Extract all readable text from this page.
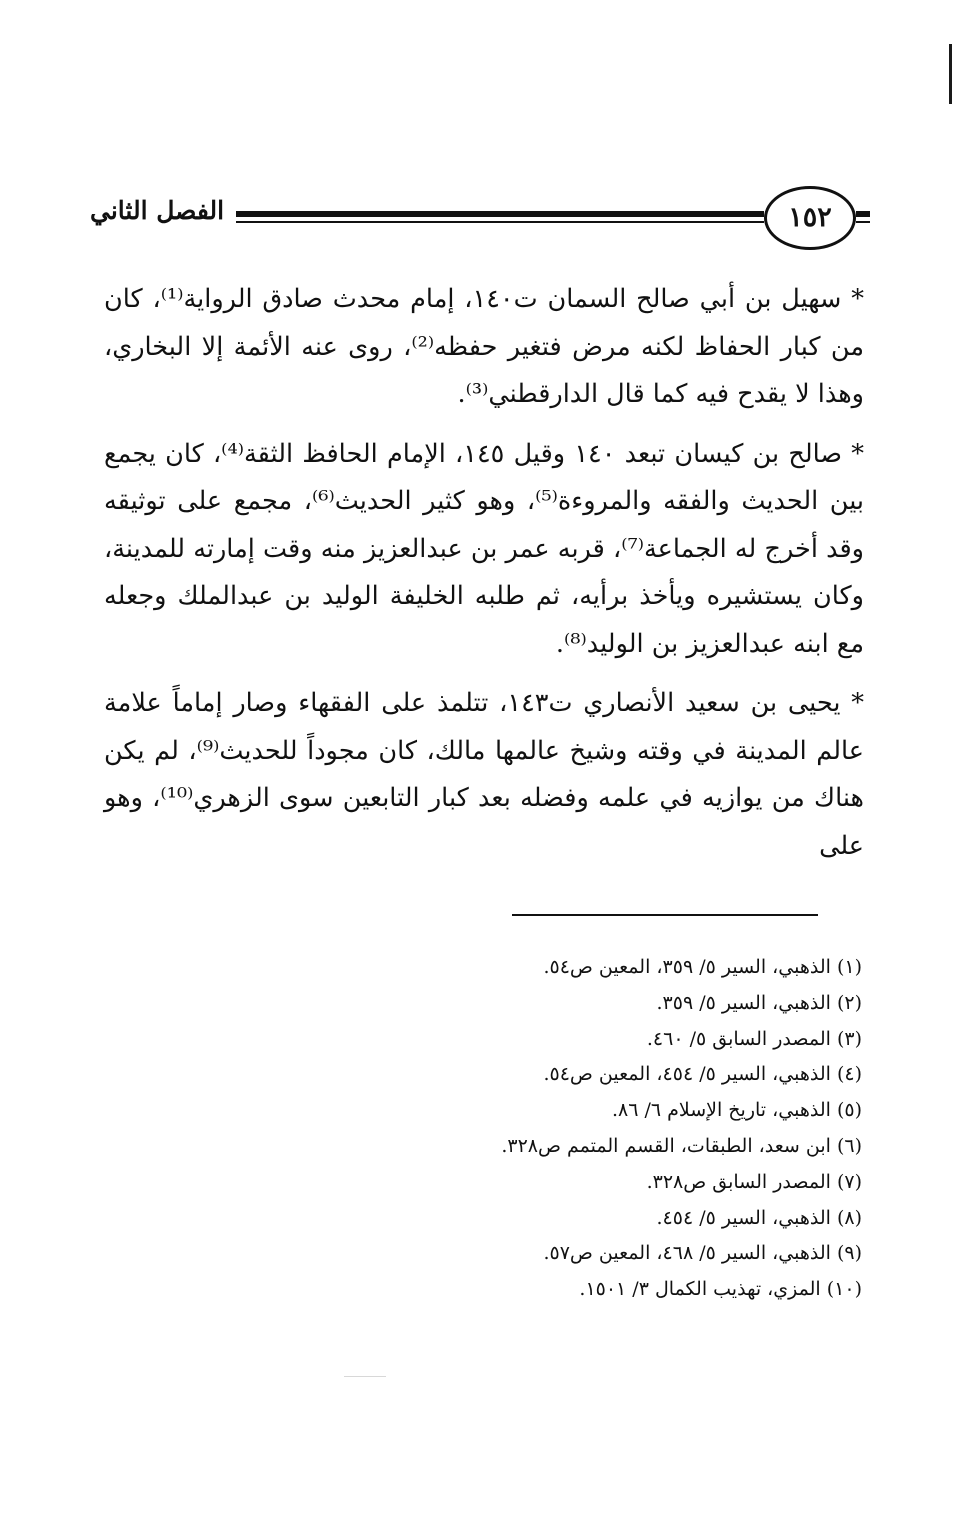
١٥٢
الفصل الثاني

* سهيل بن أبي صالح السمان ت١٤٠، إمام محدث صادق الرواية⁽¹⁾، كان من كبار الحفاظ لكنه مرض فتغير حفظه⁽²⁾، روى عنه الأئمة إلا البخاري، وهذا لا يقدح فيه كما قال الدارقطني⁽³⁾.

* صالح بن كيسان تبعد ١٤٠ وقيل ١٤٥، الإمام الحافظ الثقة⁽⁴⁾، كان يجمع بين الحديث والفقه والمروءة⁽⁵⁾، وهو كثير الحديث⁽⁶⁾، مجمع على توثيقه وقد أخرج له الجماعة⁽⁷⁾، قربه عمر بن عبدالعزيز منه وقت إمارته للمدينة، وكان يستشيره ويأخذ برأيه، ثم طلبه الخليفة الوليد بن عبدالملك وجعله مع ابنه عبدالعزيز بن الوليد⁽⁸⁾.

* يحيى بن سعيد الأنصاري ت١٤٣، تتلمذ على الفقهاء وصار إماماً علامة عالم المدينة في وقته وشيخ عالمها مالك، كان مجوداً للحديث⁽⁹⁾، لم يكن هناك من يوازيه في علمه وفضله بعد كبار التابعين سوى الزهري⁽¹⁰⁾، وهو على

(١) الذهبي، السير ٥/ ٣٥٩، المعين ص٥٤.
(٢) الذهبي، السير ٥/ ٣٥٩.
(٣) المصدر السابق ٥/ ٤٦٠.
(٤) الذهبي، السير ٥/ ٤٥٤، المعين ص٥٤.
(٥) الذهبي، تاريخ الإسلام ٦/ ٨٦.
(٦) ابن سعد، الطبقات، القسم المتمم ص٣٢٨.
(٧) المصدر السابق ص٣٢٨.
(٨) الذهبي، السير ٥/ ٤٥٤.
(٩) الذهبي، السير ٥/ ٤٦٨، المعين ص٥٧.
(١٠) المزي، تهذيب الكمال ٣/ ١٥٠١.
